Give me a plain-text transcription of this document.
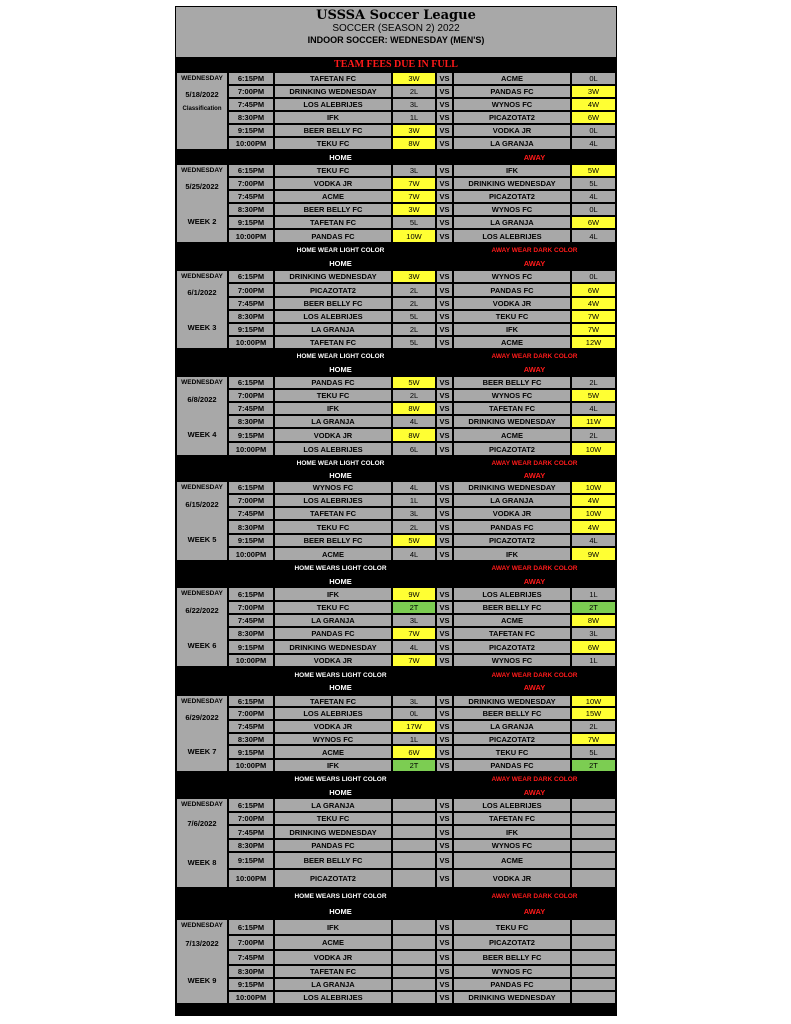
USSSA Soccer League
SOCCER (SEASON 2) 2022
INDOOR SOCCER: WEDNESDAY (MEN'S)
TEAM FEES DUE IN FULL
WEDNESDAY
5/18/2022
Classification
6:15PM	TAFETAN FC	3W	VS	ACME	0L
7:00PM	DRINKING WEDNESDAY	2L	VS	PANDAS FC	3W
7:45PM	LOS ALEBRIJES	3L	VS	WYNOS FC	4W
8:30PM	IFK	1L	VS	PICAZOTAT2	6W
9:15PM	BEER BELLY FC	3W	VS	VODKA JR	0L
10:00PM	TEKU FC	8W	VS	LA GRANJA	4L
HOME	AWAY
WEDNESDAY
5/25/2022
WEEK 2
6:15PM	TEKU FC	3L	VS	IFK	5W
7:00PM	VODKA JR	7W	VS	DRINKING WEDNESDAY	5L
7:45PM	ACME	7W	VS	PICAZOTAT2	4L
8:30PM	BEER BELLY FC	3W	VS	WYNOS FC	0L
9:15PM	TAFETAN FC	5L	VS	LA GRANJA	6W
10:00PM	PANDAS FC	10W	VS	LOS ALEBRIJES	4L
HOME WEAR LIGHT COLOR	AWAY WEAR DARK COLOR
HOME	AWAY
WEDNESDAY
6/1/2022
WEEK 3
6:15PM	DRINKING WEDNESDAY	3W	VS	WYNOS FC	0L
7:00PM	PICAZOTAT2	2L	VS	PANDAS FC	6W
7:45PM	BEER BELLY FC	2L	VS	VODKA JR	4W
8:30PM	LOS ALEBRIJES	5L	VS	TEKU FC	7W
9:15PM	LA GRANJA	2L	VS	IFK	7W
10:00PM	TAFETAN FC	5L	VS	ACME	12W
HOME WEAR LIGHT COLOR	AWAY WEAR DARK COLOR
HOME	AWAY
WEDNESDAY
6/8/2022
WEEK 4
6:15PM	PANDAS FC	5W	VS	BEER BELLY FC	2L
7:00PM	TEKU FC	2L	VS	WYNOS FC	5W
7:45PM	IFK	8W	VS	TAFETAN FC	4L
8:30PM	LA GRANJA	4L	VS	DRINKING WEDNESDAY	11W
9:15PM	VODKA JR	8W	VS	ACME	2L
10:00PM	LOS ALEBRIJES	6L	VS	PICAZOTAT2	10W
HOME WEAR LIGHT COLOR	AWAY WEAR DARK COLOR
HOME	AWAY
WEDNESDAY
6/15/2022
WEEK 5
6:15PM	WYNOS FC	4L	VS	DRINKING WEDNESDAY	10W
7:00PM	LOS ALEBRIJES	1L	VS	LA GRANJA	4W
7:45PM	TAFETAN FC	3L	VS	VODKA JR	10W
8:30PM	TEKU FC	2L	VS	PANDAS FC	4W
9:15PM	BEER BELLY FC	5W	VS	PICAZOTAT2	4L
10:00PM	ACME	4L	VS	IFK	9W
HOME WEARS LIGHT COLOR	AWAY WEAR DARK COLOR
HOME	AWAY
WEDNESDAY
6/22/2022
WEEK 6
6:15PM	IFK	9W	VS	LOS ALEBRIJES	1L
7:00PM	TEKU FC	2T	VS	BEER BELLY FC	2T
7:45PM	LA GRANJA	3L	VS	ACME	8W
8:30PM	PANDAS FC	7W	VS	TAFETAN FC	3L
9:15PM	DRINKING WEDNESDAY	4L	VS	PICAZOTAT2	6W
10:00PM	VODKA JR	7W	VS	WYNOS FC	1L
HOME WEARS LIGHT COLOR	AWAY WEAR DARK COLOR
HOME	AWAY
WEDNESDAY
6/29/2022
WEEK 7
6:15PM	TAFETAN FC	3L	VS	DRINKING WEDNESDAY	10W
7:00PM	LOS ALEBRIJES	0L	VS	BEER BELLY FC	15W
7:45PM	VODKA JR	17W	VS	LA GRANJA	2L
8:30PM	WYNOS FC	1L	VS	PICAZOTAT2	7W
9:15PM	ACME	6W	VS	TEKU FC	5L
10:00PM	IFK	2T	VS	PANDAS FC	2T
HOME WEARS LIGHT COLOR	AWAY WEAR DARK COLOR
HOME	AWAY
WEDNESDAY
7/6/2022
WEEK 8
6:15PM	LA GRANJA	VS	LOS ALEBRIJES
7:00PM	TEKU FC	VS	TAFETAN FC
7:45PM	DRINKING WEDNESDAY	VS	IFK
8:30PM	PANDAS FC	VS	WYNOS FC
9:15PM	BEER BELLY FC	VS	ACME
10:00PM	PICAZOTAT2	VS	VODKA JR
HOME WEARS LIGHT COLOR	AWAY WEAR DARK COLOR
HOME	AWAY
WEDNESDAY
7/13/2022
WEEK 9
6:15PM	IFK	VS	TEKU FC
7:00PM	ACME	VS	PICAZOTAT2
7:45PM	VODKA JR	VS	BEER BELLY FC
8:30PM	TAFETAN FC	VS	WYNOS FC
9:15PM	LA GRANJA	VS	PANDAS FC
10:00PM	LOS ALEBRIJES	VS	DRINKING WEDNESDAY
